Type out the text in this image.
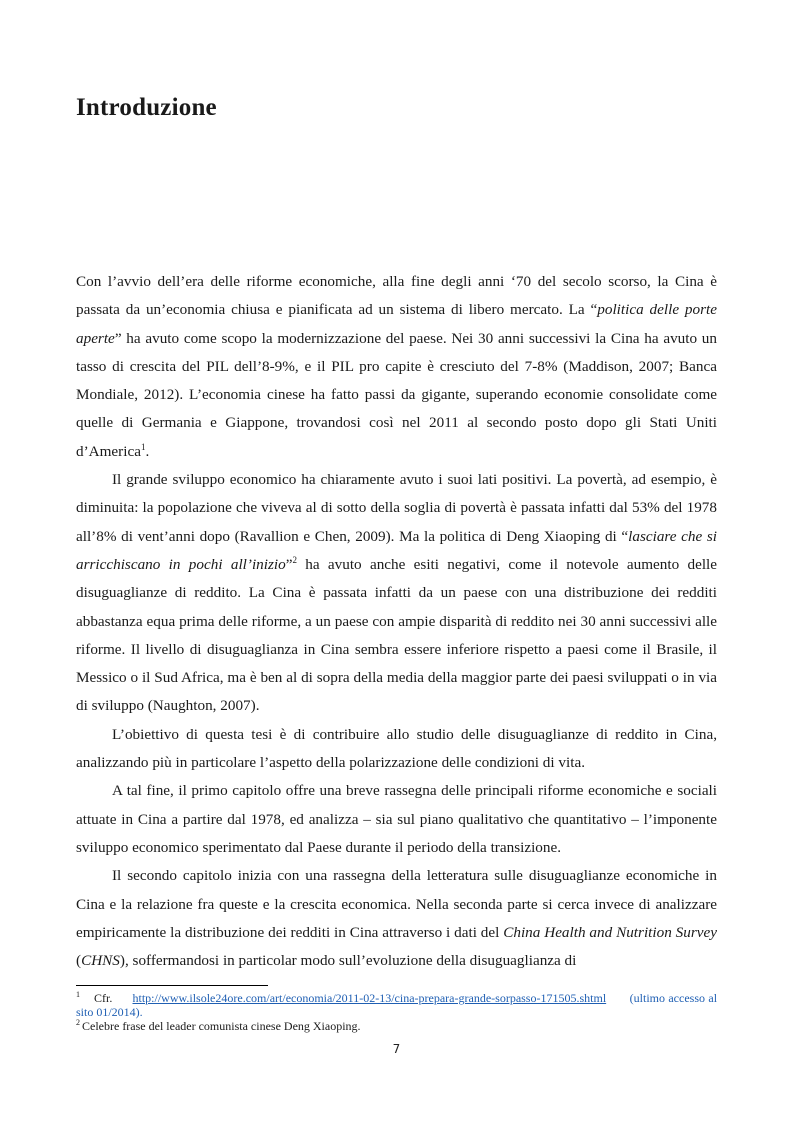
Introduzione

Con l’avvio dell’era delle riforme economiche, alla fine degli anni ‘70 del secolo scorso, la Cina è passata da un’economia chiusa e pianificata ad un sistema di libero mercato. La “politica delle porte aperte” ha avuto come scopo la modernizzazione del paese. Nei 30 anni successivi la Cina ha avuto un tasso di crescita del PIL dell’8-9%, e il PIL pro capite è cresciuto del 7-8% (Maddison, 2007; Banca Mondiale, 2012). L’economia cinese ha fatto passi da gigante, superando economie consolidate come quelle di Germania e Giappone, trovandosi così nel 2011 al secondo posto dopo gli Stati Uniti d’America$^1$.

Il grande sviluppo economico ha chiaramente avuto i suoi lati positivi. La povertà, ad esempio, è diminuita: la popolazione che viveva al di sotto della soglia di povertà è passata infatti dal 53% del 1978 all’8% di vent’anni dopo (Ravallion e Chen, 2009). Ma la politica di Deng Xiaoping di “lasciare che si arricchiscano in pochi all’inizio”$^2$ ha avuto anche esiti negativi, come il notevole aumento delle disuguaglianze di reddito. La Cina è passata infatti da un paese con una distribuzione dei redditi abbastanza equa prima delle riforme, a un paese con ampie disparità di reddito nei 30 anni successivi alle riforme. Il livello di disuguaglianza in Cina sembra essere inferiore rispetto a paesi come il Brasile, il Messico o il Sud Africa, ma è ben al di sopra della media della maggior parte dei paesi sviluppati o in via di sviluppo (Naughton, 2007).

L’obiettivo di questa tesi è di contribuire allo studio delle disuguaglianze di reddito in Cina, analizzando più in particolare l’aspetto della polarizzazione delle condizioni di vita.

A tal fine, il primo capitolo offre una breve rassegna delle principali riforme economiche e sociali attuate in Cina a partire dal 1978, ed analizza – sia sul piano qualitativo che quantitativo – l’imponente sviluppo economico sperimentato dal Paese durante il periodo della transizione.

Il secondo capitolo inizia con una rassegna della letteratura sulle disuguaglianze economiche in Cina e la relazione fra queste e la crescita economica. Nella seconda parte si cerca invece di analizzare empiricamente la distribuzione dei redditi in Cina attraverso i dati del China Health and Nutrition Survey (CHNS), soffermandosi in particolar modo sull’evoluzione della disuguaglianza di

$^1$ Cfr. http://www.ilsole24ore.com/art/economia/2011-02-13/cina-prepara-grande-sorpasso-171505.shtml (ultimo accesso al sito 01/2014).

$^2$ Celebre frase del leader comunista cinese Deng Xiaoping.

7
